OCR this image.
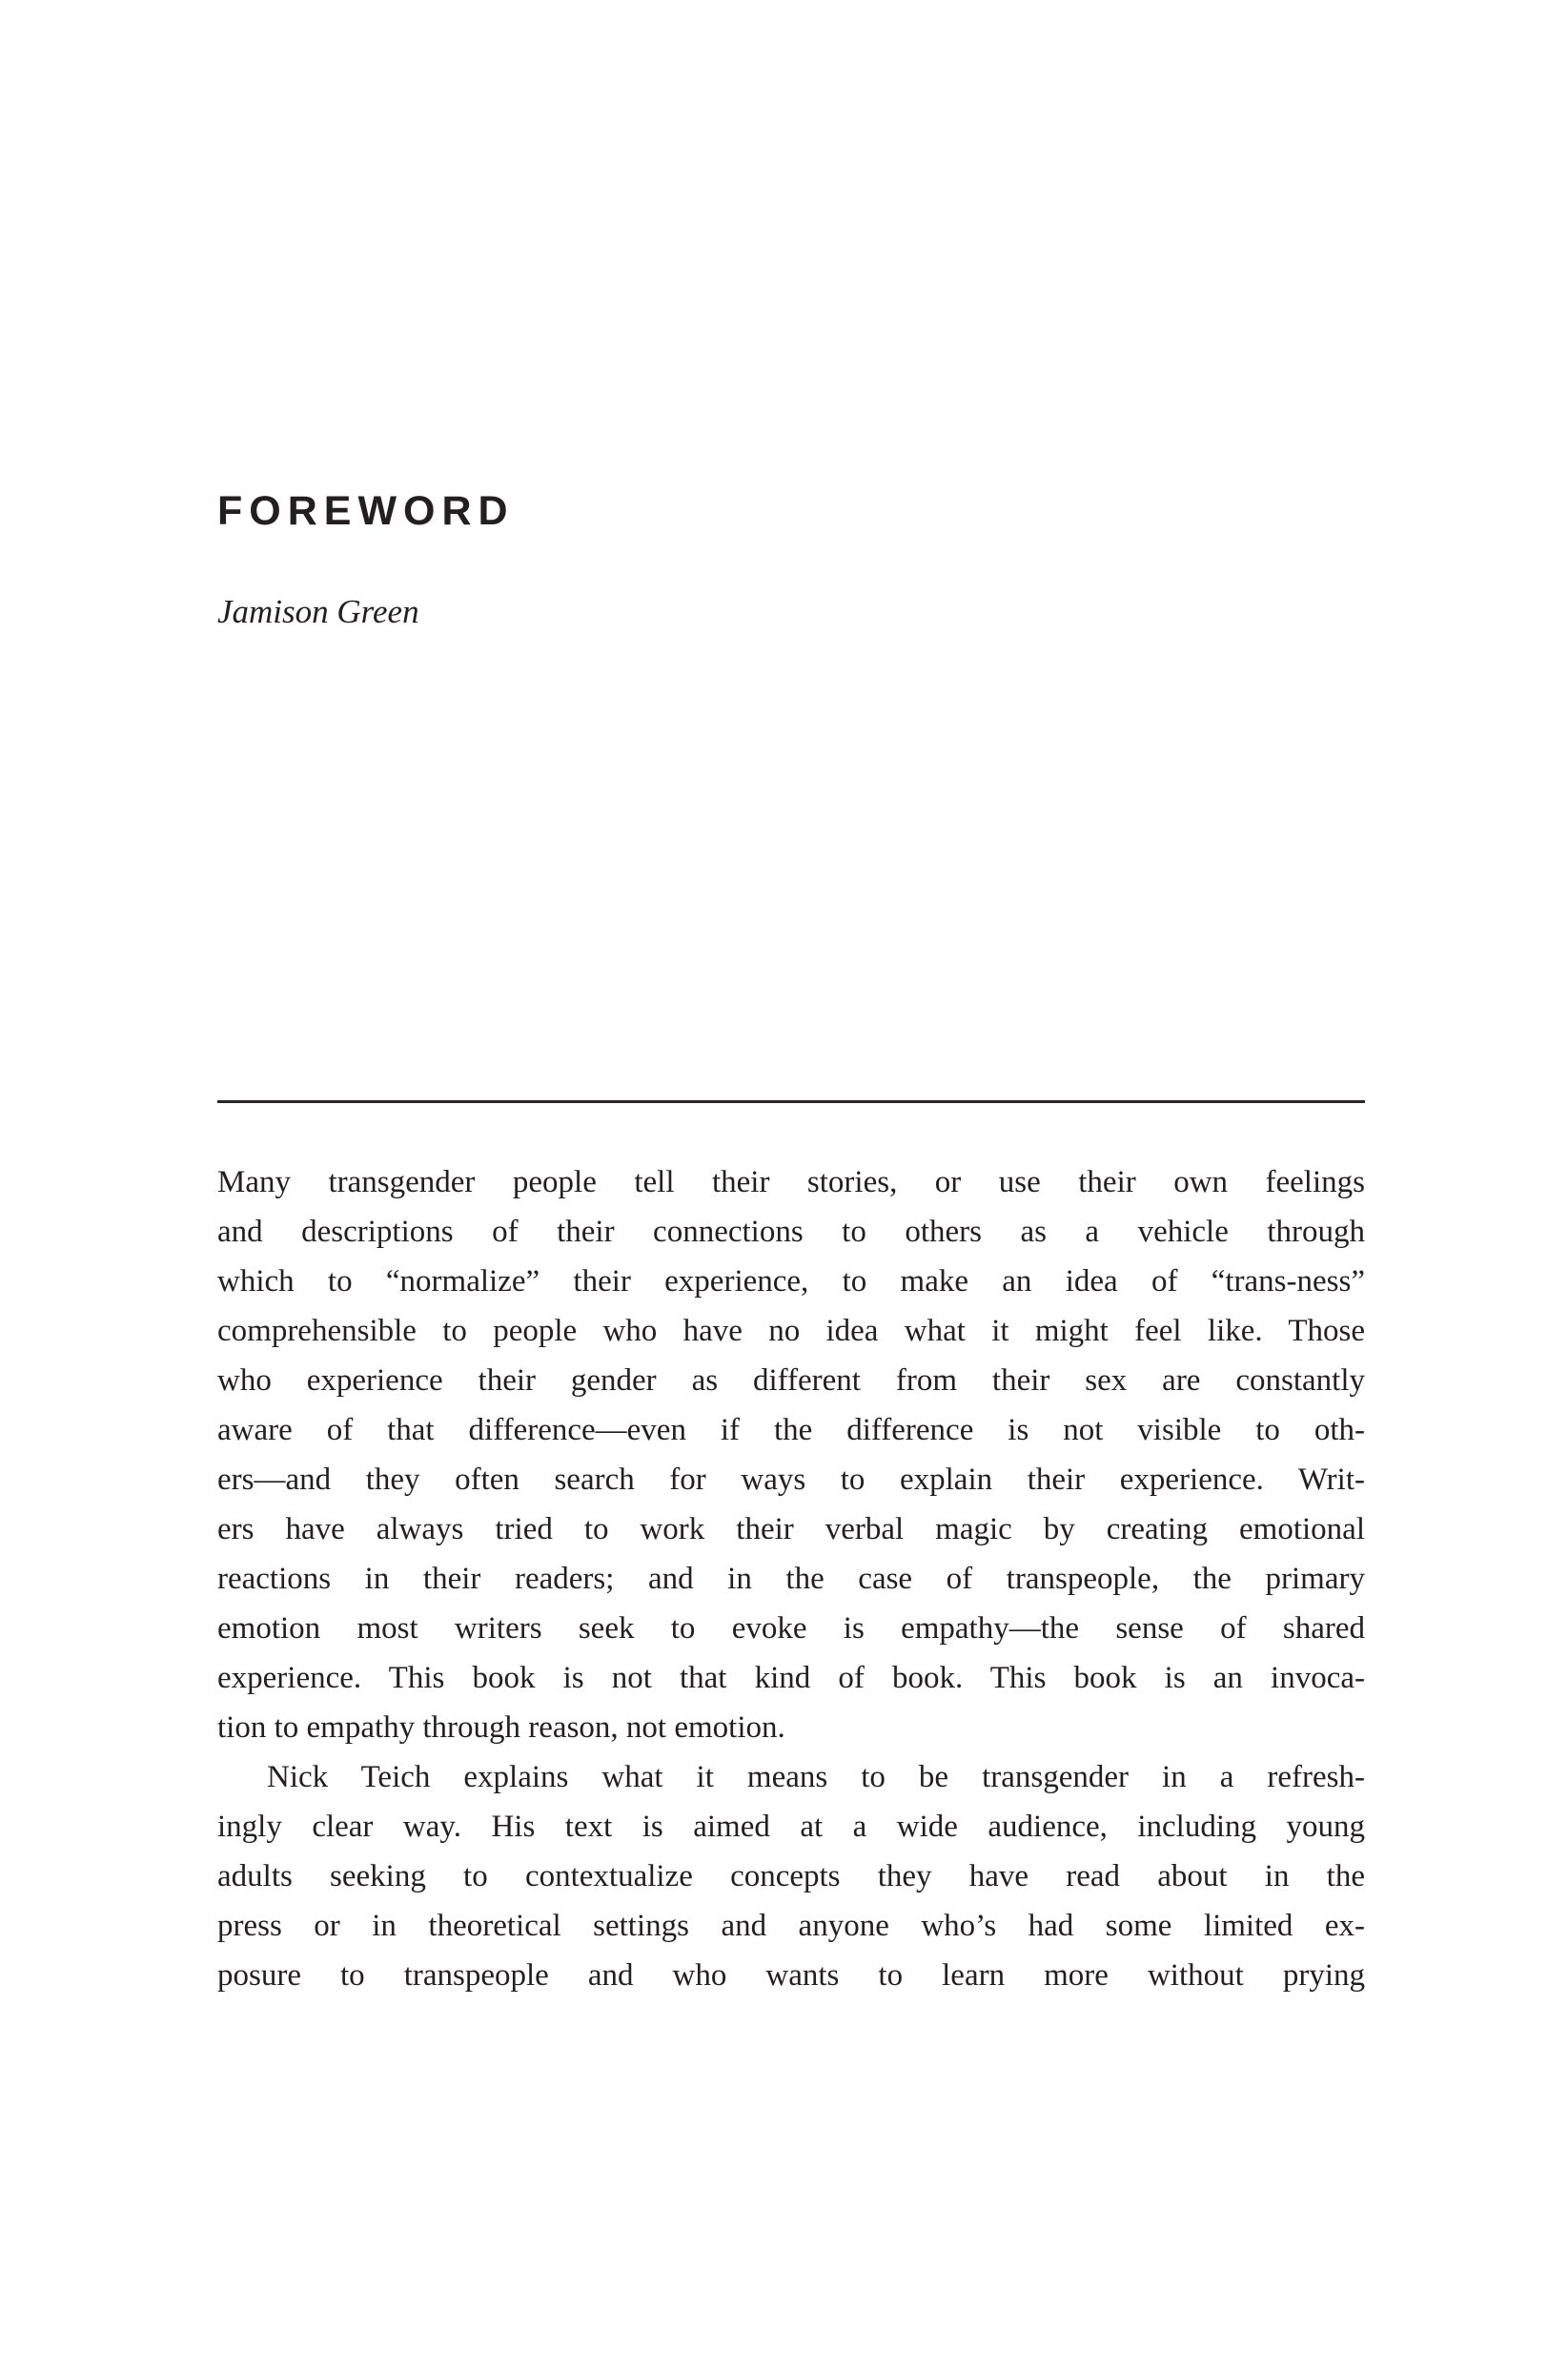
FOREWORD
Jamison Green
Many transgender people tell their stories, or use their own feelings
and descriptions of their connections to others as a vehicle through
which to “normalize” their experience, to make an idea of “trans-ness”
comprehensible to people who have no idea what it might feel like. Those
who experience their gender as different from their sex are constantly
aware of that difference—even if the difference is not visible to oth-
ers—and they often search for ways to explain their experience. Writ-
ers have always tried to work their verbal magic by creating emotional
reactions in their readers; and in the case of transpeople, the primary
emotion most writers seek to evoke is empathy—the sense of shared
experience. This book is not that kind of book. This book is an invoca-
tion to empathy through reason, not emotion.
Nick Teich explains what it means to be transgender in a refresh-
ingly clear way. His text is aimed at a wide audience, including young
adults seeking to contextualize concepts they have read about in the
press or in theoretical settings and anyone who’s had some limited ex-
posure to transpeople and who wants to learn more without prying
